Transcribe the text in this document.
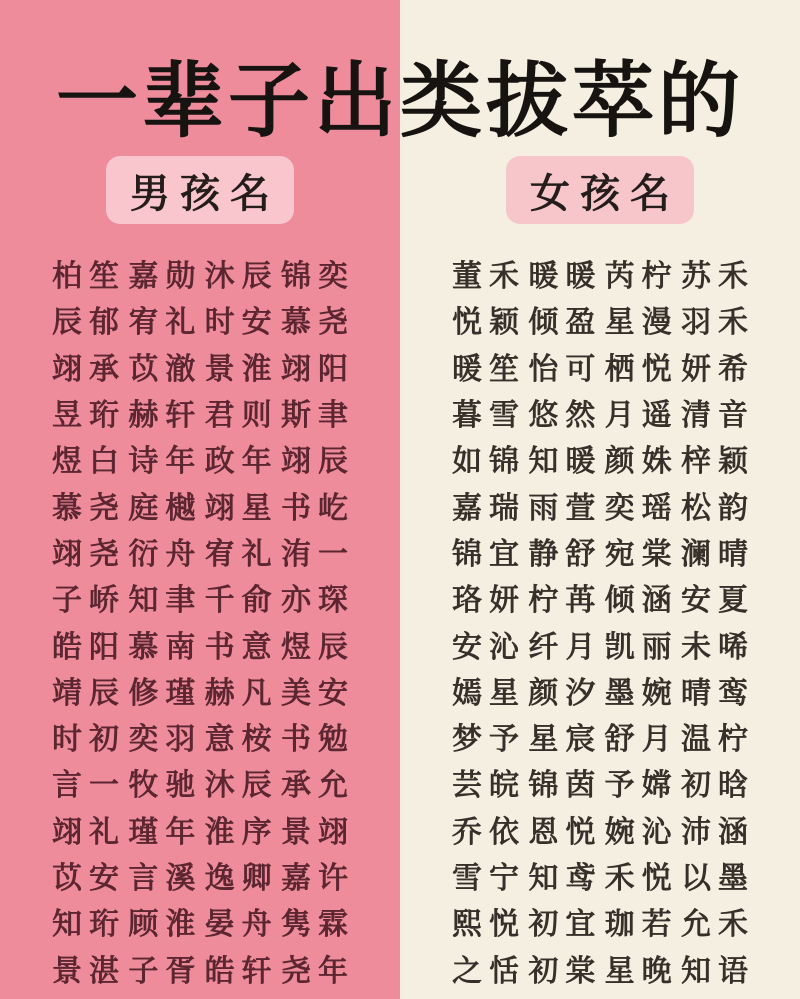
一辈子出类拔萃的
男孩名
柏笙 嘉勋 沐辰 锦奕
辰郁 宥礼 时安 慕尧
翊承 苡澈 景淮 翊阳
昱珩 赫轩 君则 斯聿
煜白 诗年 政年 翊辰
慕尧 庭樾 翊星 书屹
翊尧 衍舟 宥礼 洧一
子峤 知聿 千俞 亦琛
皓阳 慕南 书意 煜辰
靖辰 修瑾 赫凡 美安
时初 奕羽 意桉 书勉
言一 牧驰 沐辰 承允
翊礼 瑾年 淮序 景翊
苡安 言溪 逸卿 嘉许
知珩 顾淮 晏舟 隽霖
景湛 子胥 皓轩 尧年
女孩名
董禾 暖暖 芮柠 苏禾
悦颖 倾盈 星漫 羽禾
暖笙 怡可 栖悦 妍希
暮雪 悠然 月遥 清音
如锦 知暖 颜姝 梓颖
嘉瑞 雨萱 奕瑶 松韵
锦宜 静舒 宛棠 澜晴
珞妍 柠苒 倾涵 安夏
安沁 纤月 凯丽 未唏
嫣星 颜汐 墨婉 晴鸾
梦予 星宸 舒月 温柠
芸皖 锦茵 予嫦 初晗
乔依 恩悦 婉沁 沛涵
雪宁 知鸢 禾悦 以墨
熙悦 初宜 珈若 允禾
之恬 初棠 星晚 知语
